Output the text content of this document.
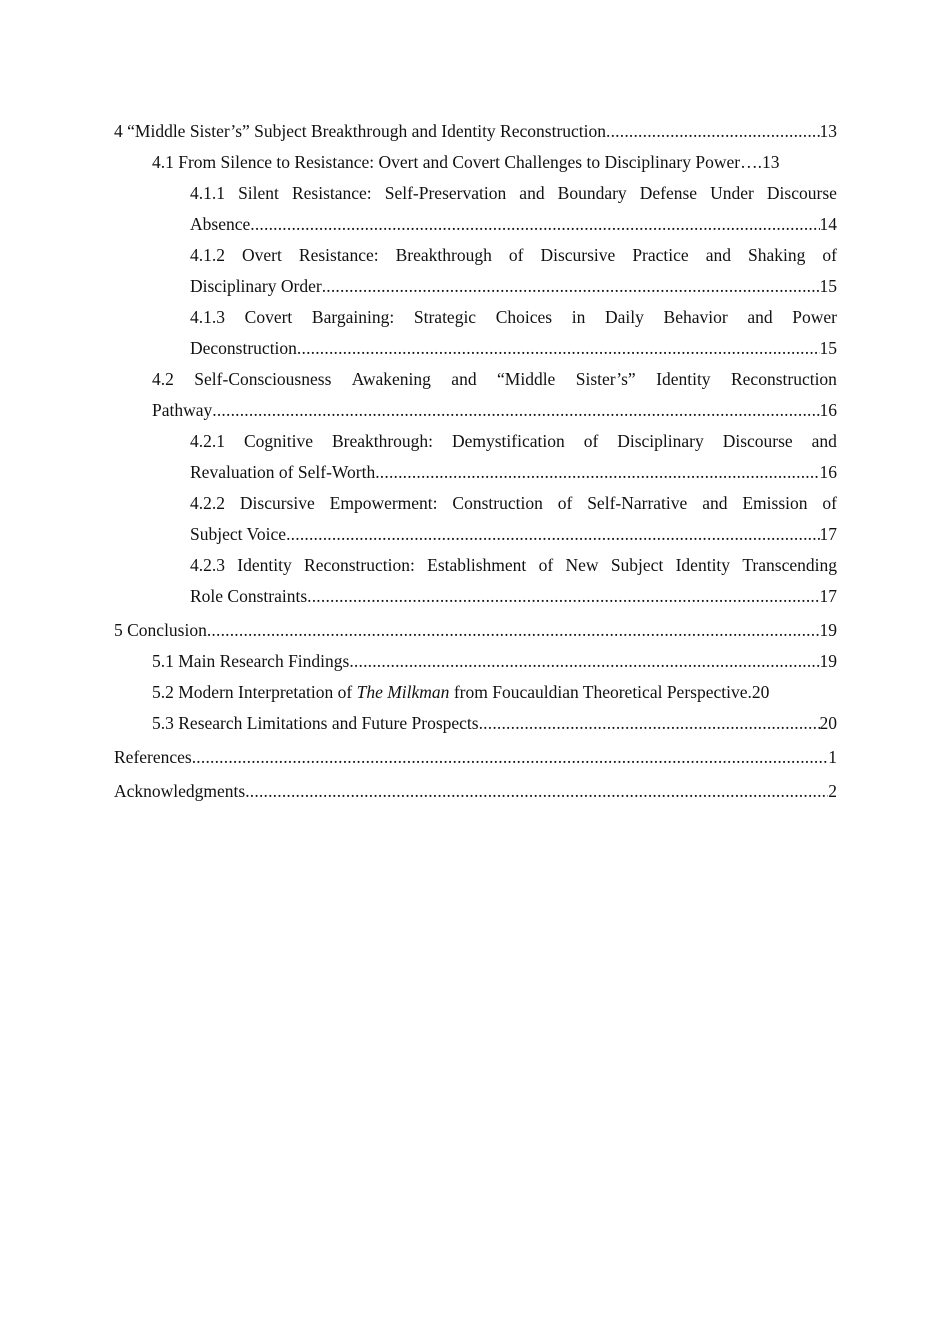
4 “Middle Sister’s” Subject Breakthrough and Identity Reconstruction .....	13
4.1 From Silence to Resistance: Overt and Covert Challenges to Disciplinary Power …. 13
4.1.1 Silent Resistance: Self-Preservation and Boundary Defense Under Discourse
Absence .....	14
4.1.2 Overt Resistance: Breakthrough of Discursive Practice and Shaking of
Disciplinary Order .....	15
4.1.3 Covert Bargaining: Strategic Choices in Daily Behavior and Power
Deconstruction .....	15
4.2 Self-Consciousness Awakening and “Middle Sister’s” Identity Reconstruction
Pathway .....	16
4.2.1 Cognitive Breakthrough: Demystification of Disciplinary Discourse and
Revaluation of Self-Worth .....	16
4.2.2 Discursive Empowerment: Construction of Self-Narrative and Emission of
Subject Voice .....	17
4.2.3 Identity Reconstruction: Establishment of New Subject Identity Transcending
Role Constraints .....	17
5 Conclusion .....	19
5.1 Main Research Findings .....	19
5.2 Modern Interpretation of The Milkman from Foucauldian Theoretical Perspective. 20
5.3 Research Limitations and Future Prospects .....	20
References .....	1
Acknowledgments .....	2
